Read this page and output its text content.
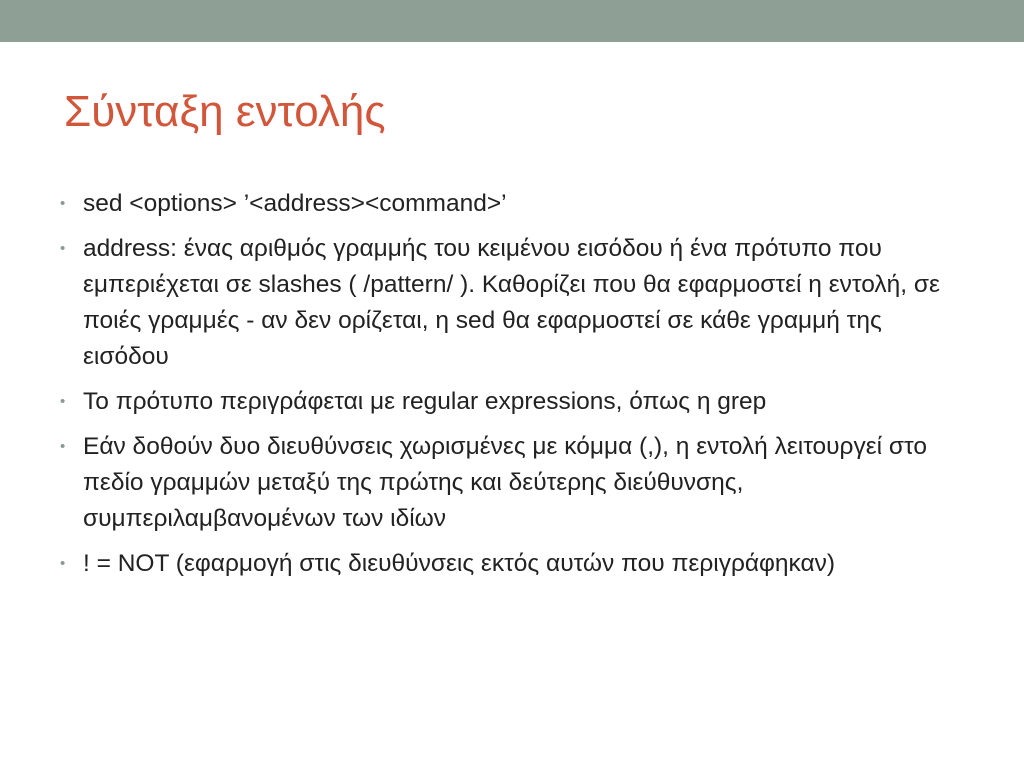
Σύνταξη εντολής
• sed <options> ’<address><command>’
• address: ένας αριθμός γραμμής του κειμένου εισόδου ή ένα πρότυπο που εμπεριέχεται σε slashes ( /pattern/ ). Καθορίζει που θα εφαρμοστεί η εντολή, σε ποιές γραμμές - αν δεν ορίζεται, η sed θα εφαρμοστεί σε κάθε γραμμή της εισόδου
• Το πρότυπο περιγράφεται με regular expressions, όπως η grep
• Εάν δοθούν δυο διευθύνσεις χωρισμένες με κόμμα (,), η εντολή λειτουργεί στο πεδίο γραμμών μεταξύ της πρώτης και δεύτερης διεύθυνσης, συμπεριλαμβανομένων των ιδίων
• ! = NOT (εφαρμογή στις διευθύνσεις εκτός αυτών που περιγράφηκαν)
